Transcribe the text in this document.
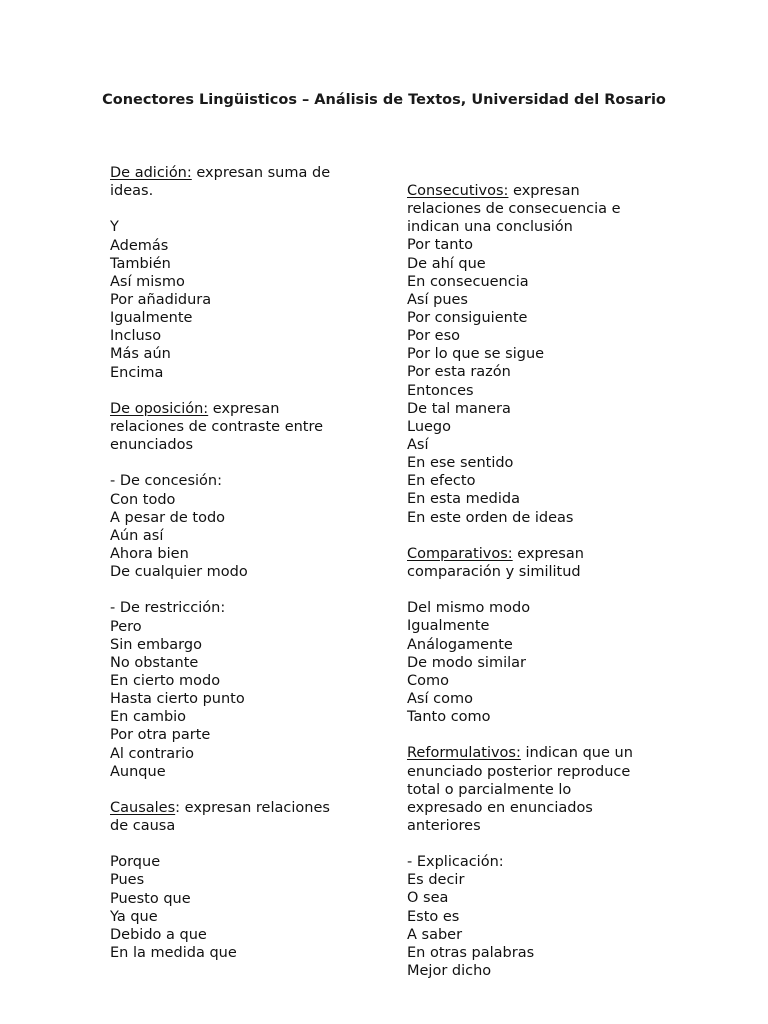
Conectores Lingüisticos – Análisis de Textos, Universidad del Rosario
De adición: expresan suma de
ideas.
Y
Además
También
Así mismo
Por añadidura
Igualmente
Incluso
Más aún
Encima
De oposición: expresan
relaciones de contraste entre
enunciados
- De concesión:
Con todo
A pesar de todo
Aún así
Ahora bien
De cualquier modo
- De restricción:
Pero
Sin embargo
No obstante
En cierto modo
Hasta cierto punto
En cambio
Por otra parte
Al contrario
Aunque
Causales: expresan relaciones
de causa
Porque
Pues
Puesto que
Ya que
Debido a que
En la medida que
Consecutivos: expresan
relaciones de consecuencia e
indican una conclusión
Por tanto
De ahí que
En consecuencia
Así pues
Por consiguiente
Por eso
Por lo que se sigue
Por esta razón
Entonces
De tal manera
Luego
Así
En ese sentido
En efecto
En esta medida
En este orden de ideas
Comparativos: expresan
comparación y similitud
Del mismo modo
Igualmente
Análogamente
De modo similar
Como
Así como
Tanto como
Reformulativos: indican que un
enunciado posterior reproduce
total o parcialmente lo
expresado en enunciados
anteriores
- Explicación:
Es decir
O sea
Esto es
A saber
En otras palabras
Mejor dicho
